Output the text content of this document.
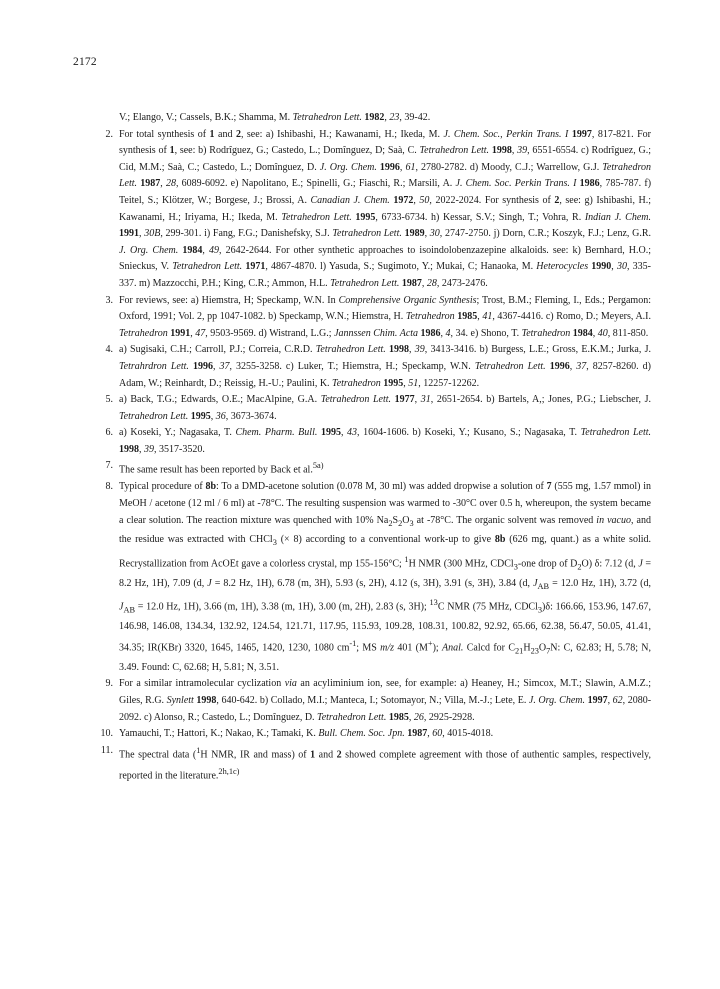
2172

V.; Elango, V.; Cassels, B.K.; Shamma, M. Tetrahedron Lett. 1982, 23, 39-42.

2. For total synthesis of 1 and 2, see: a) Ishibashi, H.; Kawanami, H.; Ikeda, M. J. Chem. Soc., Perkin Trans. I 1997, 817-821. For synthesis of 1, see: b) Rodrîguez, G.; Castedo, L.; Domînguez, D; Saà, C. Tetrahedron Lett. 1998, 39, 6551-6554. c) Rodrîguez, G.; Cid, M.M.; Saà, C.; Castedo, L.; Domînguez, D. J. Org. Chem. 1996, 61, 2780-2782. d) Moody, C.J.; Warrellow, G.J. Tetrahedron Lett. 1987, 28, 6089-6092. e) Napolitano, E.; Spinelli, G.; Fiaschi, R.; Marsili, A. J. Chem. Soc. Perkin Trans. I 1986, 785-787. f) Teitel, S.; Klötzer, W.; Borgese, J.; Brossi, A. Canadian J. Chem. 1972, 50, 2022-2024. For synthesis of 2, see: g) Ishibashi, H.; Kawanami, H.; Iriyama, H.; Ikeda, M. Tetrahedron Lett. 1995, 6733-6734. h) Kessar, S.V.; Singh, T.; Vohra, R. Indian J. Chem. 1991, 30B, 299-301. i) Fang, F.G.; Danishefsky, S.J. Tetrahedron Lett. 1989, 30, 2747-2750. j) Dorn, C.R.; Koszyk, F.J.; Lenz, G.R. J. Org. Chem. 1984, 49, 2642-2644. For other synthetic approaches to isoindolobenzazepine alkaloids. see: k) Bernhard, H.O.; Snieckus, V. Tetrahedron Lett. 1971, 4867-4870. l) Yasuda, S.; Sugimoto, Y.; Mukai, C; Hanaoka, M. Heterocycles 1990, 30, 335-337. m) Mazzocchi, P.H.; King, C.R.; Ammon, H.L. Tetrahedron Lett. 1987, 28, 2473-2476.
3. For reviews, see: a) Hiemstra, H; Speckamp, W.N. In Comprehensive Organic Synthesis; Trost, B.M.; Fleming, I., Eds.; Pergamon: Oxford, 1991; Vol. 2, pp 1047-1082. b) Speckamp, W.N.; Hiemstra, H. Tetrahedron 1985, 41, 4367-4416. c) Romo, D.; Meyers, A.I. Tetrahedron 1991, 47, 9503-9569. d) Wistrand, L.G.; Jannssen Chim. Acta 1986, 4, 34. e) Shono, T. Tetrahedron 1984, 40, 811-850.
4. a) Sugisaki, C.H.; Carroll, P.J.; Correia, C.R.D. Tetrahedron Lett. 1998, 39, 3413-3416. b) Burgess, L.E.; Gross, E.K.M.; Jurka, J. Tetrahrdron Lett. 1996, 37, 3255-3258. c) Luker, T.; Hiemstra, H.; Speckamp, W.N. Tetrahedron Lett. 1996, 37, 8257-8260. d) Adam, W.; Reinhardt, D.; Reissig, H.-U.; Paulini, K. Tetrahedron 1995, 51, 12257-12262.
5. a) Back, T.G.; Edwards, O.E.; MacAlpine, G.A. Tetrahedron Lett. 1977, 31, 2651-2654. b) Bartels, A,; Jones, P.G.; Liebscher, J. Tetrahedron Lett. 1995, 36, 3673-3674.
6. a) Koseki, Y.; Nagasaka, T. Chem. Pharm. Bull. 1995, 43, 1604-1606. b) Koseki, Y.; Kusano, S.; Nagasaka, T. Tetrahedron Lett. 1998, 39, 3517-3520.
7. The same result has been reported by Back et al.$^{5a)}$
8. Typical procedure of 8b: To a DMD-acetone solution (0.078 M, 30 ml) was added dropwise a solution of 7 (555 mg, 1.57 mmol) in MeOH / acetone (12 ml / 6 ml) at -78°C. The resulting suspension was warmed to -30°C over 0.5 h, whereupon, the system became a clear solution. The reaction mixture was quenched with 10% $Na_2S_2O_3$ at -78°C. The organic solvent was removed in vacuo, and the residue was extracted with CHCl$_3$ (× 8) according to a conventional work-up to give 8b (626 mg, quant.) as a white solid. Recrystallization from AcOEt gave a colorless crystal, mp 155-156°C; $^1$H NMR (300 MHz, CDCl$_3$-one drop of $D_2O$) δ: 7.12 (d, J = 8.2 Hz, 1H), 7.09 (d, J = 8.2 Hz, 1H), 6.78 (m, 3H), 5.93 (s, 2H), 4.12 (s, 3H), 3.91 (s, 3H), 3.84 (d, $J_{AB} = 12.0$ Hz, 1H), 3.72 (d, $J_{AB} = 12.0$ Hz, 1H), 3.66 (m, 1H), 3.38 (m, 1H), 3.00 (m, 2H), 2.83 (s, 3H); $^{13}$C NMR (75 MHz, CDCl$_3$)δ: 166.66, 153.96, 147.67, 146.98, 146.08, 134.34, 132.92, 124.54, 121.71, 117.95, 115.93, 109.28, 108.31, 100.82, 92.92, 65.66, 62.38, 56.47, 50.05, 41.41, 34.35; IR(KBr) 3320, 1645, 1465, 1420, 1230, 1080 $cm^{-1}$; MS m/z 401 (M+); Anal. Calcd for $C_{21}H_{23}O_7N$: C, 62.83; H, 5.78; N, 3.49. Found: C, 62.68; H, 5.81; N, 3.51.
9. For a similar intramolecular cyclization via an acyliminium ion, see, for example: a) Heaney, H.; Simcox, M.T.; Slawin, A.M.Z.; Giles, R.G. Synlett 1998, 640-642. b) Collado, M.I.; Manteca, I.; Sotomayor, N.; Villa, M.-J.; Lete, E. J. Org. Chem. 1997, 62, 2080-2092. c) Alonso, R.; Castedo, L.; Domînguez, D. Tetrahedron Lett. 1985, 26, 2925-2928.
10. Yamauchi, T.; Hattori, K.; Nakao, K.; Tamaki, K. Bull. Chem. Soc. Jpn. 1987, 60, 4015-4018.
11. The spectral data ($^1$H NMR, IR and mass) of 1 and 2 showed complete agreement with those of authentic samples, respectively, reported in the literature.$^{2h,1c)}$
